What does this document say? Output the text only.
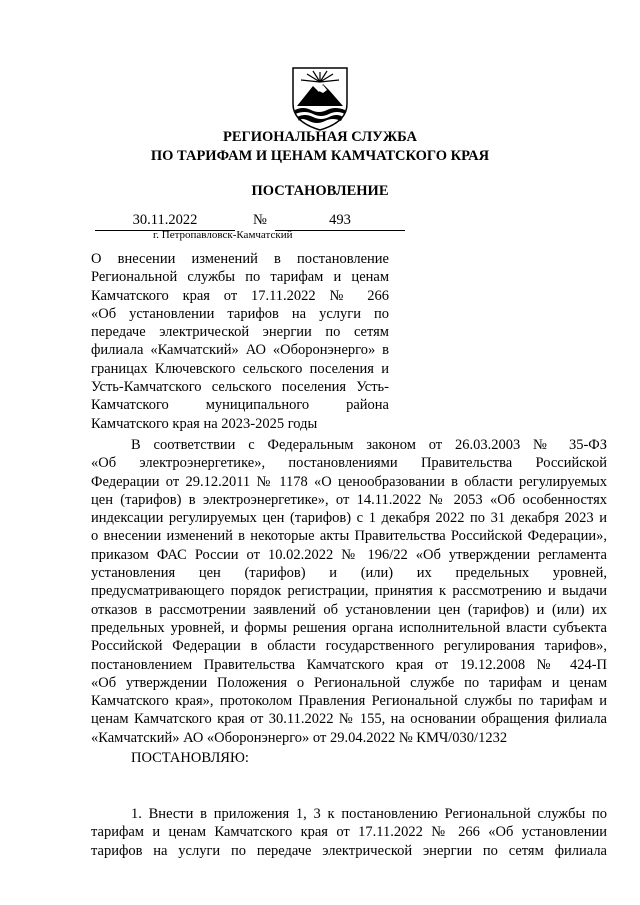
РЕГИОНАЛЬНАЯ СЛУЖБА
ПО ТАРИФАМ И ЦЕНАМ КАМЧАТСКОГО КРАЯ
ПОСТАНОВЛЕНИЕ
30.11.2022	№	493
г. Петропавловск-Камчатский
О внесении изменений в постановление
Региональной службы по тарифам и ценам
Камчатского края от 17.11.2022 № 266
«Об установлении тарифов на услуги по
передаче электрической энергии по сетям
филиала «Камчатский» АО «Оборонэнерго» в
границах Ключевского сельского поселения и
Усть-Камчатского сельского поселения Усть-
Камчатского муниципального района
Камчатского края на 2023-2025 годы
В соответствии с Федеральным законом от 26.03.2003 № 35-ФЗ
«Об электроэнергетике», постановлениями Правительства Российской
Федерации от 29.12.2011 № 1178 «О ценообразовании в области регулируемых
цен (тарифов) в электроэнергетике», от 14.11.2022 № 2053 «Об особенностях
индексации регулируемых цен (тарифов) с 1 декабря 2022 по 31 декабря 2023 и
о внесении изменений в некоторые акты Правительства Российской Федерации»,
приказом ФАС России от 10.02.2022 № 196/22 «Об утверждении регламента
установления цен (тарифов) и (или) их предельных уровней,
предусматривающего порядок регистрации, принятия к рассмотрению и выдачи
отказов в рассмотрении заявлений об установлении цен (тарифов) и (или) их
предельных уровней, и формы решения органа исполнительной власти субъекта
Российской Федерации в области государственного регулирования тарифов»,
постановлением Правительства Камчатского края от 19.12.2008 № 424-П
«Об утверждении Положения о Региональной службе по тарифам и ценам
Камчатского края», протоколом Правления Региональной службы по тарифам и
ценам Камчатского края от 30.11.2022 № 155, на основании обращения филиала
«Камчатский» АО «Оборонэнерго» от 29.04.2022 № КМЧ/030/1232
ПОСТАНОВЛЯЮ:
1. Внести в приложения 1, 3 к постановлению Региональной службы по
тарифам и ценам Камчатского края от 17.11.2022 № 266 «Об установлении
тарифов на услуги по передаче электрической энергии по сетям филиала
